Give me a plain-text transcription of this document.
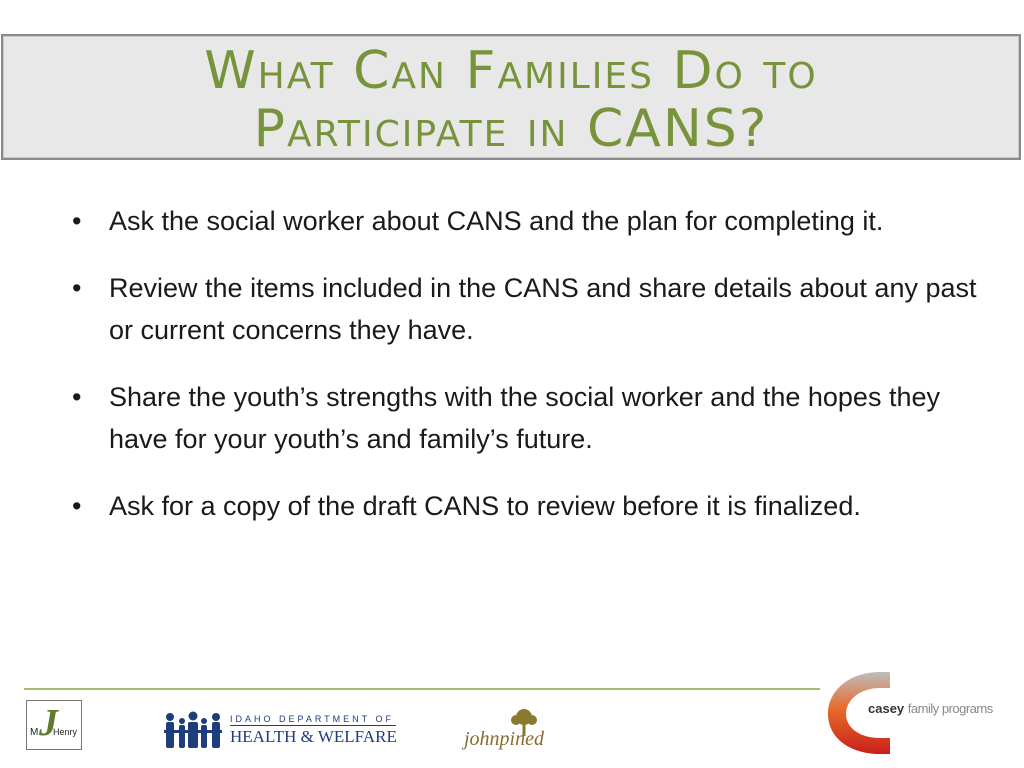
What Can Families Do to
Participate in CANS?
• Ask the social worker about CANS and the plan for completing it.
• Review the items included in the CANS and share details about any past or current concerns they have.
• Share the youth’s strengths with the social worker and the hopes they have for your youth’s and family’s future.
• Ask for a copy of the draft CANS to review before it is finalized.
J
M Henry
IDAHO DEPARTMENT OF
HEALTH & WELFARE	johnpined
casey family programs
